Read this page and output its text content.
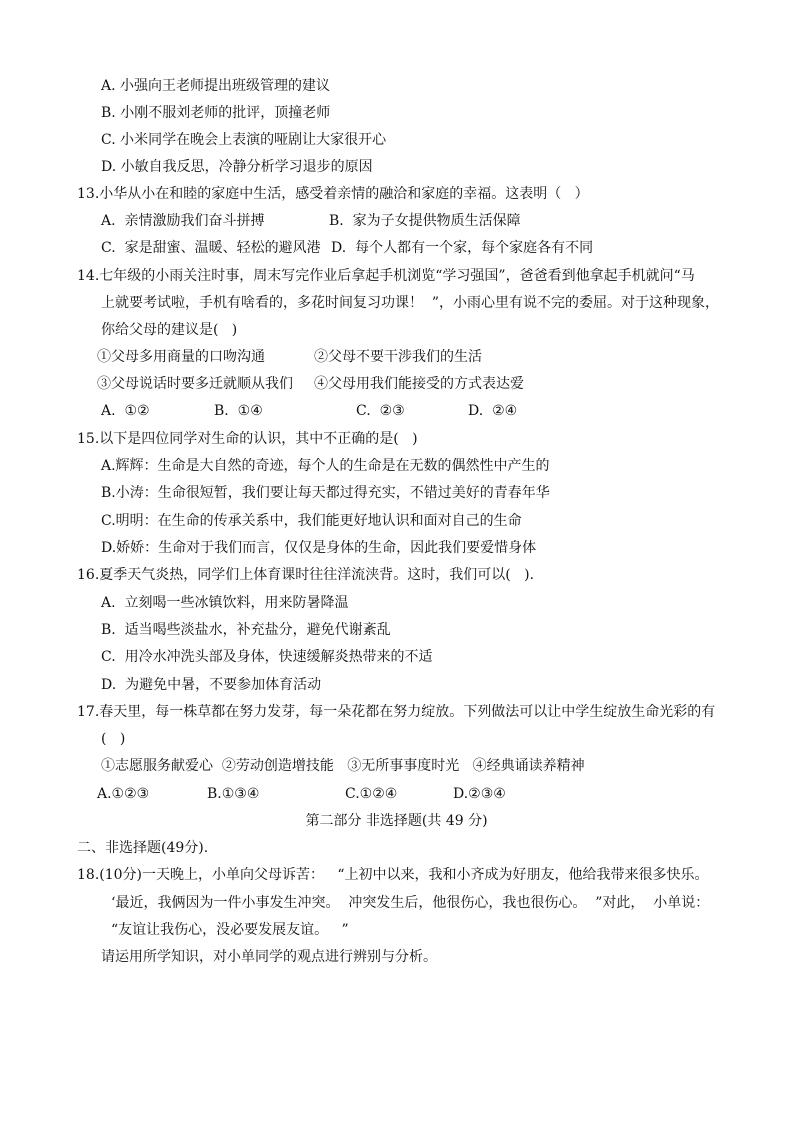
A. 小强向王老师提出班级管理的建议
B. 小刚不服刘老师的批评，顶撞老师
C. 小米同学在晚会上表演的哑剧让大家很开心
D. 小敏自我反思，冷静分析学习退步的原因
13.小华从小在和睦的家庭中生活，感受着亲情的融洽和家庭的幸福。这表明（   ）
A.  亲情激励我们奋斗拼搏	B.  家为子女提供物质生活保障
C.  家是甜蜜、温暖、轻松的避风港 D.  每个人都有一个家，每个家庭各有不同
14.七年级的小雨关注时事，周末写完作业后拿起手机浏览“学习强国”，爸爸看到他拿起手机就问“马
上就要考试啦，手机有啥看的，多花时间复习功课！  ”，小雨心里有说不完的委屈。对于这种现象，
你给父母的建议是(   )
①父母多用商量的口吻沟通	②父母不要干涉我们的生活
③父母说话时要多迁就顺从我们 ④父母用我们能接受的方式表达爱
A.  ①②	B.  ①④	C.  ②③	D.  ②④
15.以下是四位同学对生命的认识，其中不正确的是(   )
A.辉辉：生命是大自然的奇迹，每个人的生命是在无数的偶然性中产生的
B.小涛：生命很短暂，我们要让每天都过得充实，不错过美好的青春年华
C.明明：在生命的传承关系中，我们能更好地认识和面对自己的生命
D.娇娇：生命对于我们而言，仅仅是身体的生命，因此我们要爱惜身体
16.夏季天气炎热，同学们上体育课时往往洋流浃背。这时，我们可以(   ).
A.  立刻喝一些冰镇饮料，用来防暑降温
B.  适当喝些淡盐水，补充盐分，避免代谢紊乱
C.  用冷水冲洗头部及身体，快速缓解炎热带来的不适
D.  为避免中暑，不要参加体育活动
17.春天里，每一株草都在努力发芽，每一朵花都在努力绽放。下列做法可以让中学生绽放生命光彩的有
(   )
①志愿服务献爱心  ②劳动创造增技能   ③无所事事度时光   ④经典诵读养精神
A.①②③	B.①③④	C.①②④	D.②③④
第二部分 非选择题(共 49 分)
二、非选择题(49分).
18.(10分)一天晚上，小单向父母诉苦：   “上初中以来，我和小齐成为好朋友，他给我带来很多快乐。
‘最近，我俩因为一件小事发生冲突。  冲突发生后，他很伤心，我也很伤心。  ”对此，  小单说：
“友谊让我伤心，没必要发展友谊。   ”
请运用所学知识，对小单同学的观点进行辨别与分析。
